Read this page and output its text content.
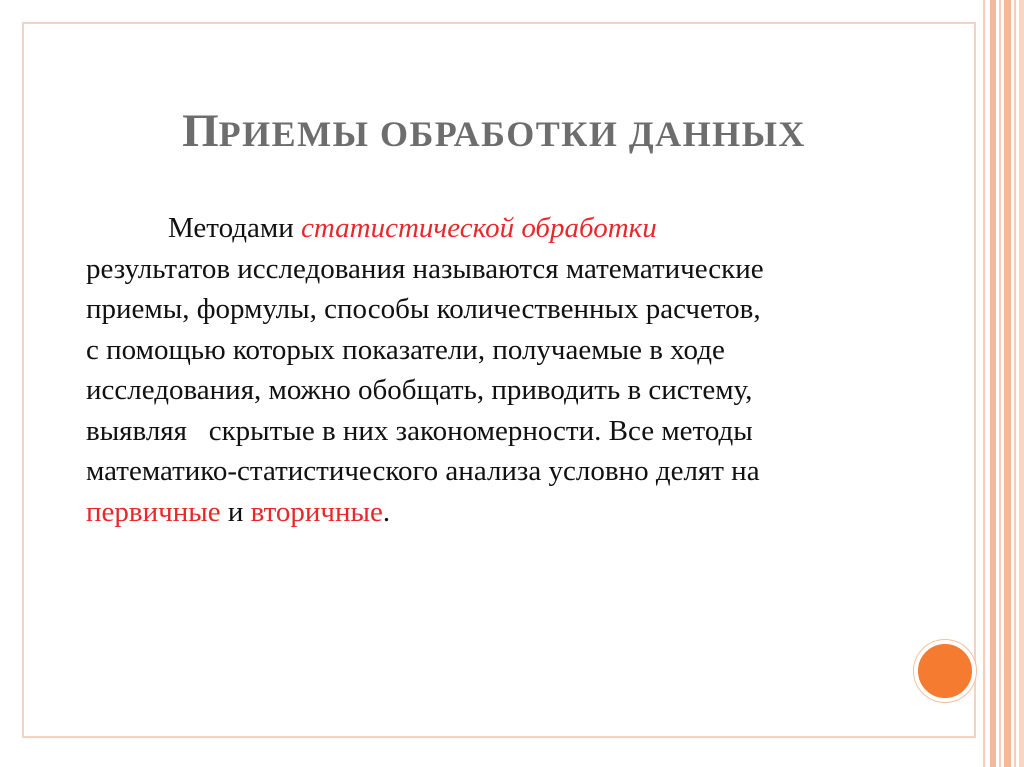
ПРИЕМЫ ОБРАБОТКИ ДАННЫХ
Методами статистической обработки
результатов исследования называются математические
приемы, формулы, способы количественных расчетов,
с помощью которых показатели, получаемые в ходе
исследования, можно обобщать, приводить в систему,
выявляя   скрытые в них закономерности. Все методы
математико-статистического анализа условно делят на
первичные и вторичные.
